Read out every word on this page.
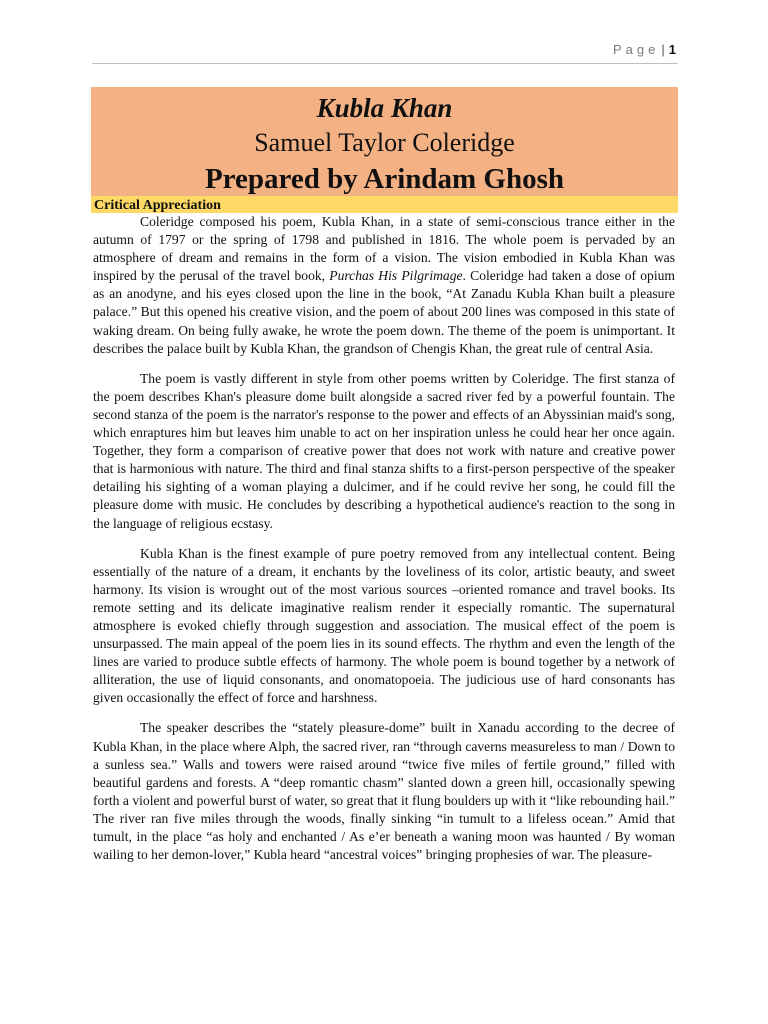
Page | 1
Kubla Khan
Samuel Taylor Coleridge
Prepared by Arindam Ghosh
Critical Appreciation

Coleridge composed his poem, Kubla Khan, in a state of semi-conscious trance either in the autumn of 1797 or the spring of 1798 and published in 1816. The whole poem is pervaded by an atmosphere of dream and remains in the form of a vision. The vision embodied in Kubla Khan was inspired by the perusal of the travel book, Purchas His Pilgrimage. Coleridge had taken a dose of opium as an anodyne, and his eyes closed upon the line in the book, “At Zanadu Kubla Khan built a pleasure palace.” But this opened his creative vision, and the poem of about 200 lines was composed in this state of waking dream. On being fully awake, he wrote the poem down. The theme of the poem is unimportant. It describes the palace built by Kubla Khan, the grandson of Chengis Khan, the great rule of central Asia.

The poem is vastly different in style from other poems written by Coleridge. The first stanza of the poem describes Khan's pleasure dome built alongside a sacred river fed by a powerful fountain. The second stanza of the poem is the narrator's response to the power and effects of an Abyssinian maid's song, which enraptures him but leaves him unable to act on her inspiration unless he could hear her once again. Together, they form a comparison of creative power that does not work with nature and creative power that is harmonious with nature. The third and final stanza shifts to a first-person perspective of the speaker detailing his sighting of a woman playing a dulcimer, and if he could revive her song, he could fill the pleasure dome with music. He concludes by describing a hypothetical audience's reaction to the song in the language of religious ecstasy.

Kubla Khan is the finest example of pure poetry removed from any intellectual content. Being essentially of the nature of a dream, it enchants by the loveliness of its color, artistic beauty, and sweet harmony. Its vision is wrought out of the most various sources –oriented romance and travel books. Its remote setting and its delicate imaginative realism render it especially romantic. The supernatural atmosphere is evoked chiefly through suggestion and association. The musical effect of the poem is unsurpassed. The main appeal of the poem lies in its sound effects. The rhythm and even the length of the lines are varied to produce subtle effects of harmony. The whole poem is bound together by a network of alliteration, the use of liquid consonants, and onomatopoeia. The judicious use of hard consonants has given occasionally the effect of force and harshness.

The speaker describes the “stately pleasure-dome” built in Xanadu according to the decree of Kubla Khan, in the place where Alph, the sacred river, ran “through caverns measureless to man / Down to a sunless sea.” Walls and towers were raised around “twice five miles of fertile ground,” filled with beautiful gardens and forests. A “deep romantic chasm” slanted down a green hill, occasionally spewing forth a violent and powerful burst of water, so great that it flung boulders up with it “like rebounding hail.” The river ran five miles through the woods, finally sinking “in tumult to a lifeless ocean.” Amid that tumult, in the place “as holy and enchanted / As e’er beneath a waning moon was haunted / By woman wailing to her demon-lover,” Kubla heard “ancestral voices” bringing prophesies of war. The pleasure-
